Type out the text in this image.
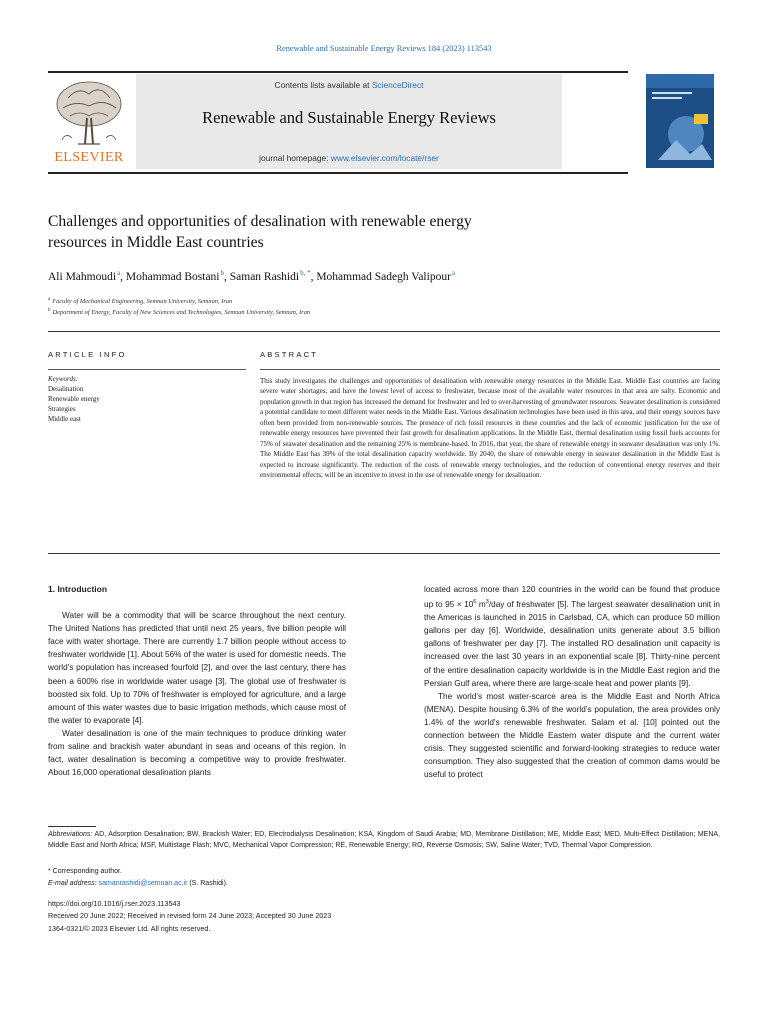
Renewable and Sustainable Energy Reviews 184 (2023) 113543
ELSEVIER
Contents lists available at ScienceDirect
Renewable and Sustainable Energy Reviews
journal homepage: www.elsevier.com/locate/rser
Challenges and opportunities of desalination with renewable energy
resources in Middle East countries
Ali Mahmoudi$^a$, Mohammad Bostani$^b$, Saman Rashidi$^{b, *}$, Mohammad Sadegh Valipour$^a$
$^a$ Faculty of Mechanical Engineering, Semnan University, Semnan, Iran
$^b$ Department of Energy, Faculty of New Sciences and Technologies, Semnan University, Semnan, Iran
ARTICLE INFO	ABSTRACT
Keywords:
Desalination
Renewable energy
Strategies
Middle east
This study investigates the challenges and opportunities of desalination with renewable energy resources in the Middle East. Middle East countries are facing severe water shortages, and have the lowest level of access to freshwater, because most of the available water resources in that area are salty. Economic and population growth in that region has increased the demand for freshwater and led to over-harvesting of groundwater resources. Seawater desalination is considered a potential candidate to meet different water needs in the Middle East. Various desalination technologies have been used in this area, and their energy sources have often been provided from non-renewable sources. The presence of rich fossil resources in these countries and the lack of economic justification for the use of renewable energy resources have prevented their fast growth for desalination applications. In the Middle East, thermal desalination using fossil fuels accounts for 75% of seawater desalination and the remaining 25% is membrane-based. In 2016, that year, the share of renewable energy in seawater desalination was only 1%. The Middle East has 39% of the total desalination capacity worldwide. By 2040, the share of renewable energy in seawater desalination in the Middle East is expected to increase significantly. The reduction of the costs of renewable energy technologies, and the reduction of conventional energy reserves and their environmental effects, will be an incentive to invest in the use of renewable energy for desalination.
1. Introduction

Water will be a commodity that will be scarce throughout the next century. The United Nations has predicted that until next 25 years, five billion people will face with water shortage. There are currently 1.7 billion people without access to freshwater worldwide [1]. About 56% of the water is used for domestic needs. The world’s population has increased fourfold [2], and over the last century, there has been a 600% rise in worldwide water usage [3]. The global use of freshwater is boosted six fold. Up to 70% of freshwater is employed for agriculture, and a large amount of this water wastes due to basic irrigation methods, which cause most of the water to evaporate [4].

Water desalination is one of the main techniques to produce drinking water from saline and brackish water abundant in seas and oceans of this region. In fact, water desalination is becoming a competitive way to provide freshwater. About 16,000 operational desalination plants

located across more than 120 countries in the world can be found that produce up to $95 \times 10^6$ $m^3$/day of freshwater [5]. The largest seawater desalination unit in the Americas is launched in 2015 in Carlsbad, CA, which can produce 50 million gallons per day [6]. Worldwide, desalination units generate about 3.5 billion gallons of freshwater per day [7]. The installed RO desalination unit capacity is increased over the last 30 years in an exponential scale [8]. Thirty-nine percent of the entire desalination capacity worldwide is in the Middle East region and the Persian Gulf area, where there are large-scale heat and power plants [9].

The world’s most water-scarce area is the Middle East and North Africa (MENA). Despite housing 6.3% of the world’s population, the area provides only 1.4% of the world’s renewable freshwater. Salam et al. [10] pointed out the connection between the Middle Eastern water dispute and the current water crisis. They suggested scientific and forward-looking strategies to reduce water consumption. They also suggested that the creation of common dams would be useful to protect

Abbreviations: AD, Adsorption Desalination; BW, Brackish Water; ED, Electrodialysis Desalination; KSA, Kingdom of Saudi Arabia; MD, Membrane Distillation; ME, Middle East; MED, Multi-Effect Distillation; MENA, Middle East and North Africa; MSF, Multistage Flash; MVC, Mechanical Vapor Compression; RE, Renewable Energy; RO, Reverse Osmosis; SW, Saline Water; TVD, Thermal Vapor Compression.
* Corresponding author.
E-mail address: samanrashidi@semnan.ac.ir (S. Rashidi).
https://doi.org/10.1016/j.rser.2023.113543
Received 20 June 2022; Received in revised form 24 June 2023; Accepted 30 June 2023
1364-0321/© 2023 Elsevier Ltd. All rights reserved.
